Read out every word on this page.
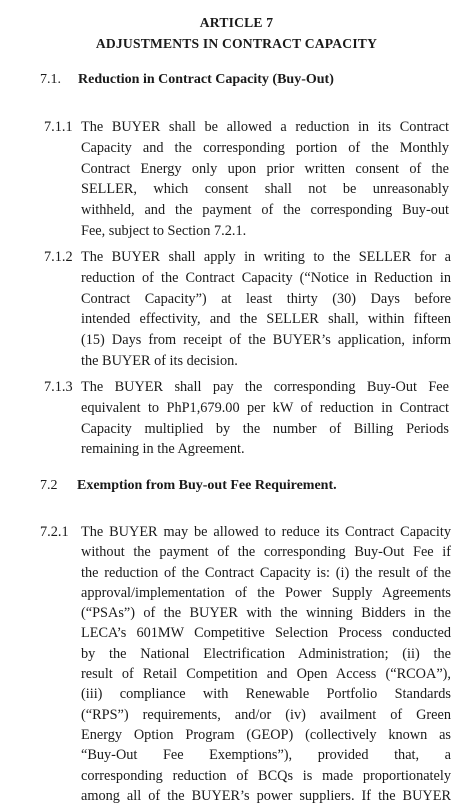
ARTICLE 7
ADJUSTMENTS IN CONTRACT CAPACITY
7.1. Reduction in Contract Capacity (Buy-Out)
7.1.1 The BUYER shall be allowed a reduction in its Contract
Capacity and the corresponding portion of the Monthly
Contract Energy only upon prior written consent of the
SELLER, which consent shall not be unreasonably
withheld, and the payment of the corresponding Buy-out
Fee, subject to Section 7.2.1.
7.1.2 The BUYER shall apply in writing to the SELLER for a
reduction of the Contract Capacity (“Notice in Reduction in
Contract Capacity”) at least thirty (30) Days before
intended effectivity, and the SELLER shall, within fifteen
(15) Days from receipt of the BUYER’s application, inform
the BUYER of its decision.
7.1.3 The BUYER shall pay the corresponding Buy-Out Fee
equivalent to PhP1,679.00 per kW of reduction in Contract
Capacity multiplied by the number of Billing Periods
remaining in the Agreement.
7.2 Exemption from Buy-out Fee Requirement.
7.2.1 The BUYER may be allowed to reduce its Contract Capacity
without the payment of the corresponding Buy-Out Fee if
the reduction of the Contract Capacity is: (i) the result of the
approval/implementation of the Power Supply Agreements
(“PSAs”) of the BUYER with the winning Bidders in the
LECA’s 601MW Competitive Selection Process conducted
by the National Electrification Administration; (ii) the
result of Retail Competition and Open Access (“RCOA”),
(iii) compliance with Renewable Portfolio Standards
(“RPS”) requirements, and/or (iv) availment of Green
Energy Option Program (GEOP) (collectively known as
“Buy-Out Fee Exemptions”), provided that, a
corresponding reduction of BCQs is made proportionately
among all of the BUYER’s power suppliers. If the BUYER
